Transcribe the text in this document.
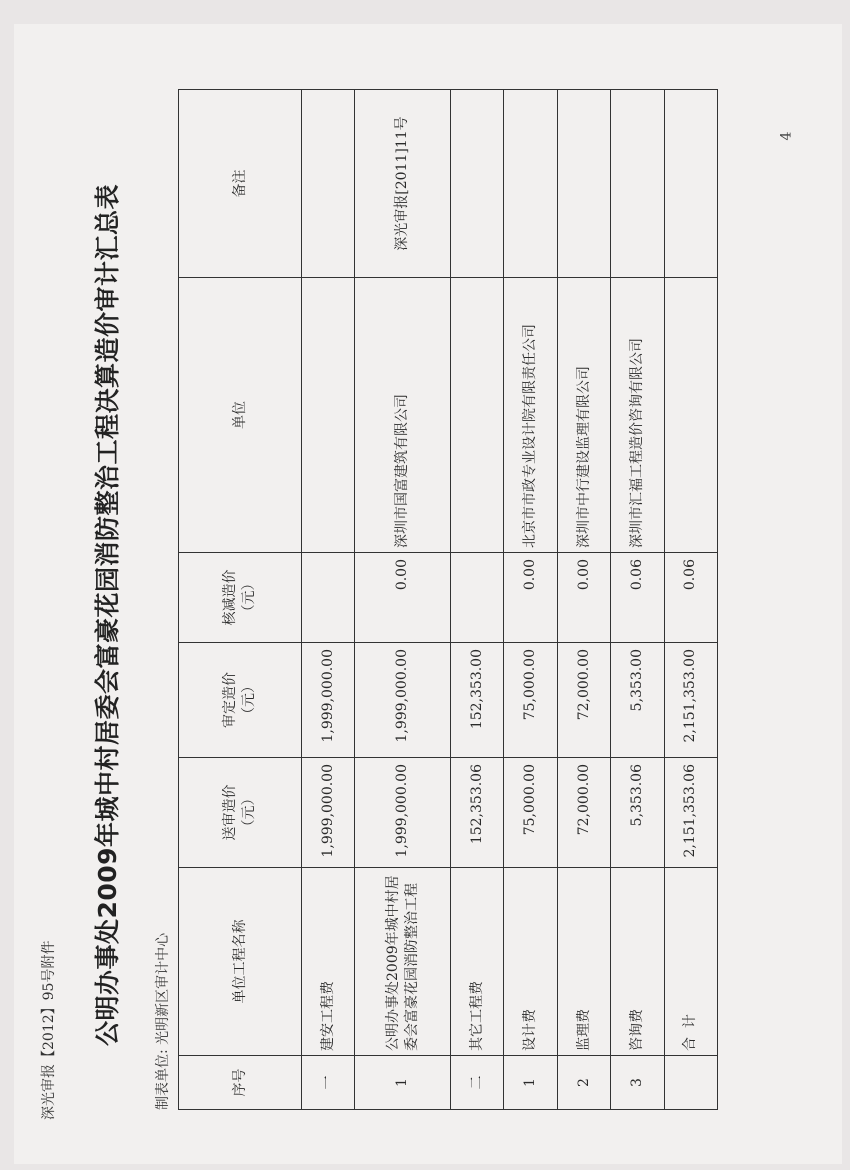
4
深光审报【2012】95号附件 公明办事处2009年城中村居委会富豪花园消防整治工程决算造价审计汇总表
制表单位: 光明新区审计中心
序号	单位工程名称	送审造价
（元）	审定造价
（元）	核减造价
（元）	单位	备注
一	建安工程费	1,999,000.00	1,999,000.00			
1	公明办事处2009年城中村居委会富豪花园消防整治工程	1,999,000.00	1,999,000.00	0.00	深圳市国富建筑有限公司	深光审报[2011]11号
二	其它工程费	152,353.06	152,353.00			
1	设计费	75,000.00	75,000.00	0.00	北京市市政专业设计院有限责任公司	
2	监理费	72,000.00	72,000.00	0.00	深圳市中行建设监理有限公司	
3	咨询费	5,353.06	5,353.00	0.06	深圳市汇福工程造价咨询有限公司	
	合  计	2,151,353.06	2,151,353.00	0.06		
